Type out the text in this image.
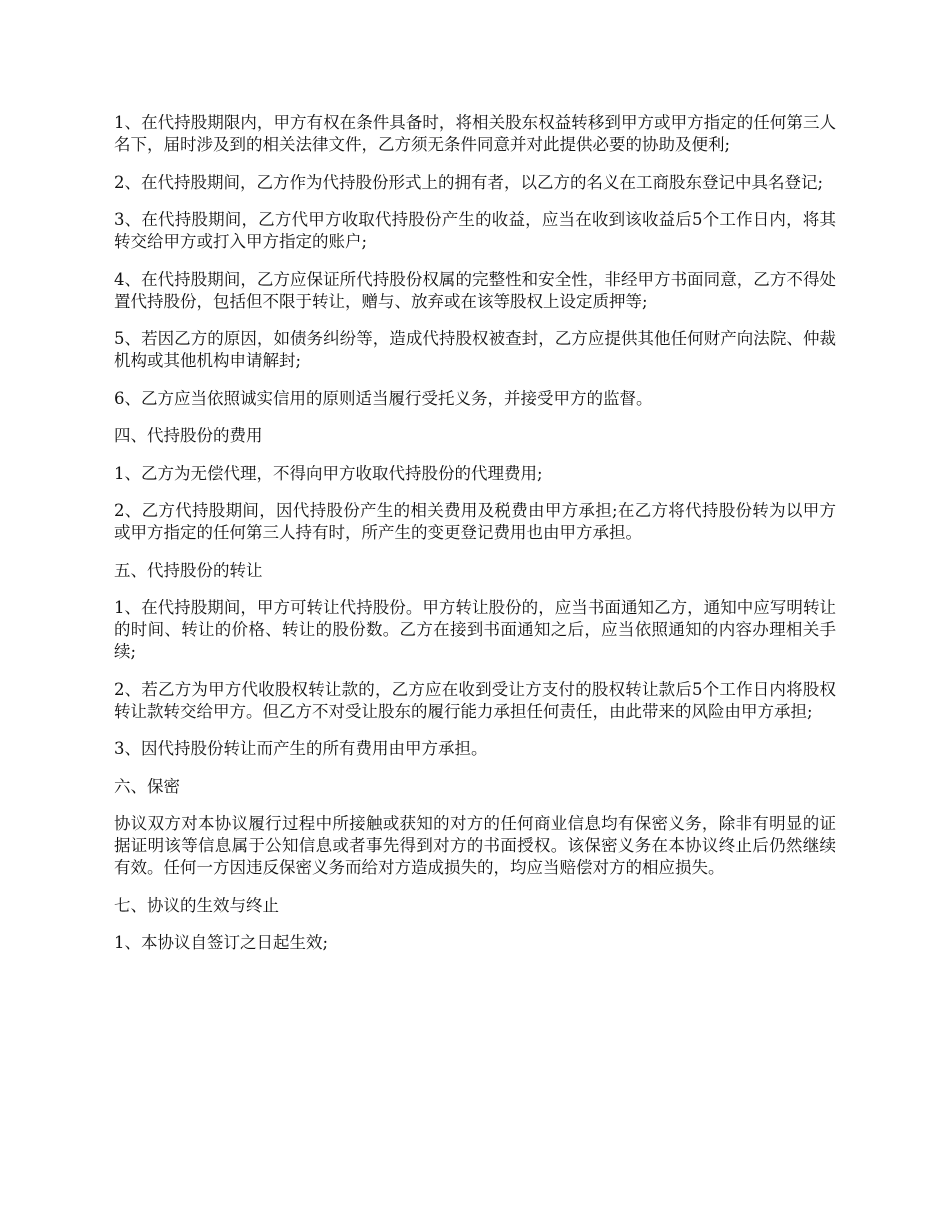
1、在代持股期限内，甲方有权在条件具备时，将相关股东权益转移到甲方或甲方指定的任何第三人名下，届时涉及到的相关法律文件，乙方须无条件同意并对此提供必要的协助及便利;

2、在代持股期间，乙方作为代持股份形式上的拥有者，以乙方的名义在工商股东登记中具名登记;

3、在代持股期间，乙方代甲方收取代持股份产生的收益，应当在收到该收益后5个工作日内，将其转交给甲方或打入甲方指定的账户;

4、在代持股期间，乙方应保证所代持股份权属的完整性和安全性，非经甲方书面同意，乙方不得处置代持股份，包括但不限于转让，赠与、放弃或在该等股权上设定质押等;

5、若因乙方的原因，如债务纠纷等，造成代持股权被查封，乙方应提供其他任何财产向法院、仲裁机构或其他机构申请解封;

6、乙方应当依照诚实信用的原则适当履行受托义务，并接受甲方的监督。

四、代持股份的费用

1、乙方为无偿代理，不得向甲方收取代持股份的代理费用;

2、乙方代持股期间，因代持股份产生的相关费用及税费由甲方承担;在乙方将代持股份转为以甲方或甲方指定的任何第三人持有时，所产生的变更登记费用也由甲方承担。

五、代持股份的转让

1、在代持股期间，甲方可转让代持股份。甲方转让股份的，应当书面通知乙方，通知中应写明转让的时间、转让的价格、转让的股份数。乙方在接到书面通知之后，应当依照通知的内容办理相关手续;

2、若乙方为甲方代收股权转让款的，乙方应在收到受让方支付的股权转让款后5个工作日内将股权转让款转交给甲方。但乙方不对受让股东的履行能力承担任何责任，由此带来的风险由甲方承担;

3、因代持股份转让而产生的所有费用由甲方承担。

六、保密

协议双方对本协议履行过程中所接触或获知的对方的任何商业信息均有保密义务，除非有明显的证据证明该等信息属于公知信息或者事先得到对方的书面授权。该保密义务在本协议终止后仍然继续有效。任何一方因违反保密义务而给对方造成损失的，均应当赔偿对方的相应损失。

七、协议的生效与终止

1、本协议自签订之日起生效;
